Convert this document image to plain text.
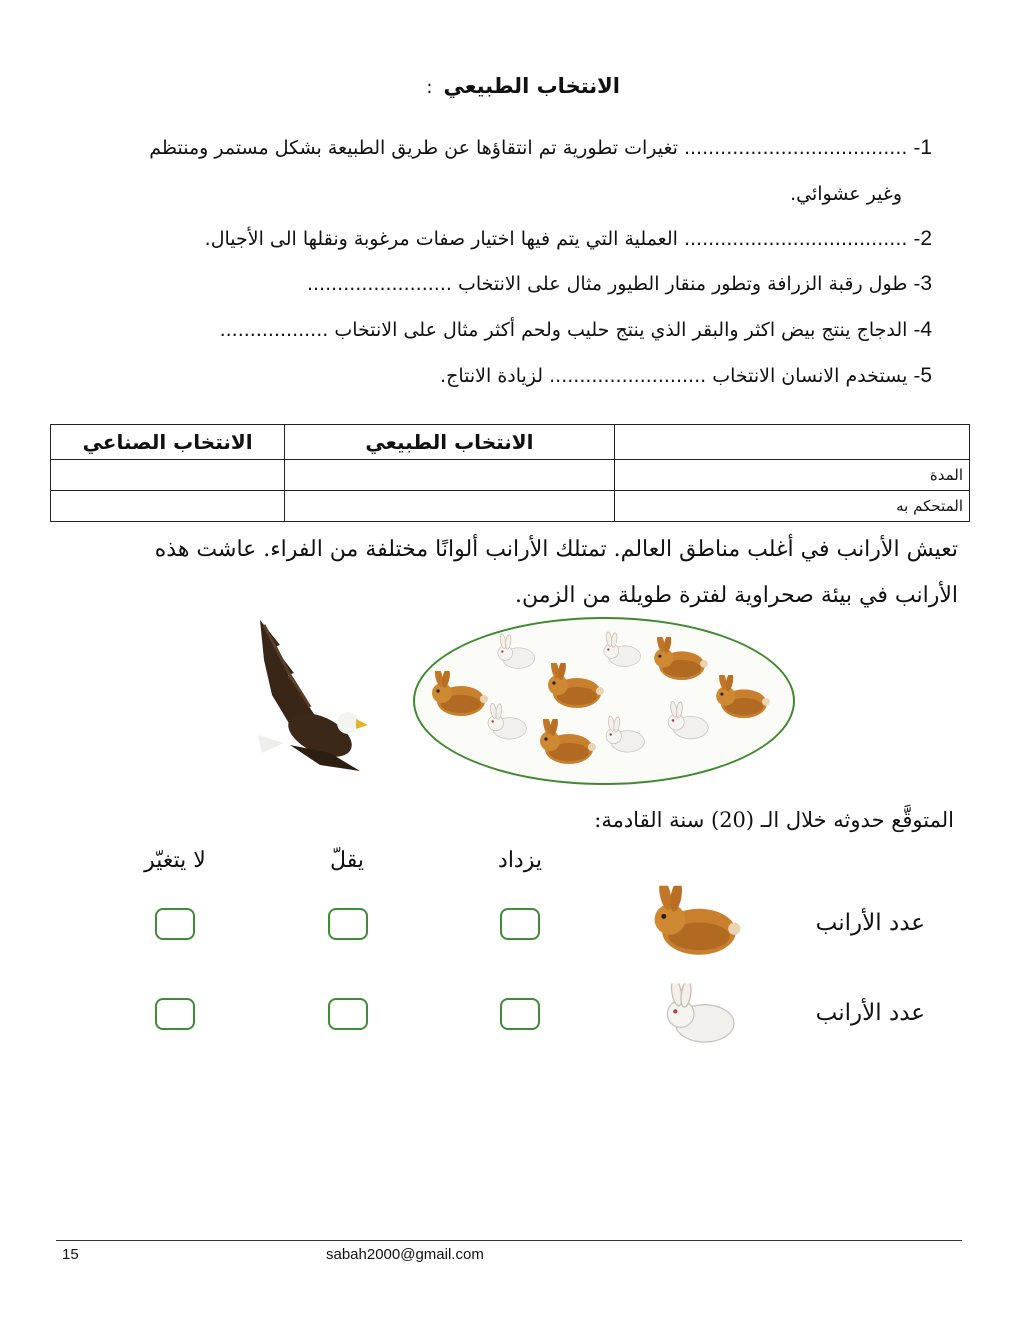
الانتخاب الطبيعي :
1- ..................................... تغيرات تطورية تم انتقاؤها عن طريق الطبيعة بشكل مستمر ومنتظم
وغير عشوائي.
2- ..................................... العملية التي يتم فيها اختيار صفات مرغوبة ونقلها الى الأجيال.
3- طول رقبة الزرافة وتطور منقار الطيور مثال على الانتخاب ........................
4- الدجاج ينتج بيض اكثر والبقر الذي ينتج حليب ولحم أكثر مثال على الانتخاب ..................
5- يستخدم الانسان الانتخاب .......................... لزيادة الانتاج.
	الانتخاب الطبيعي	الانتخاب الصناعي
المدة		
المتحكم به		
تعيش الأرانب في أغلب مناطق العالم. تمتلك الأرانب ألوانًا مختلفة من الفراء. عاشت هذه
الأرانب في بيئة صحراوية لفترة طويلة من الزمن.
المتوقَّع حدوثه خلال الـ (20) سنة القادمة:
يزداد
يقلّ
لا يتغيّر
عدد الأرانب
عدد الأرانب
15	sabah2000@gmail.com
